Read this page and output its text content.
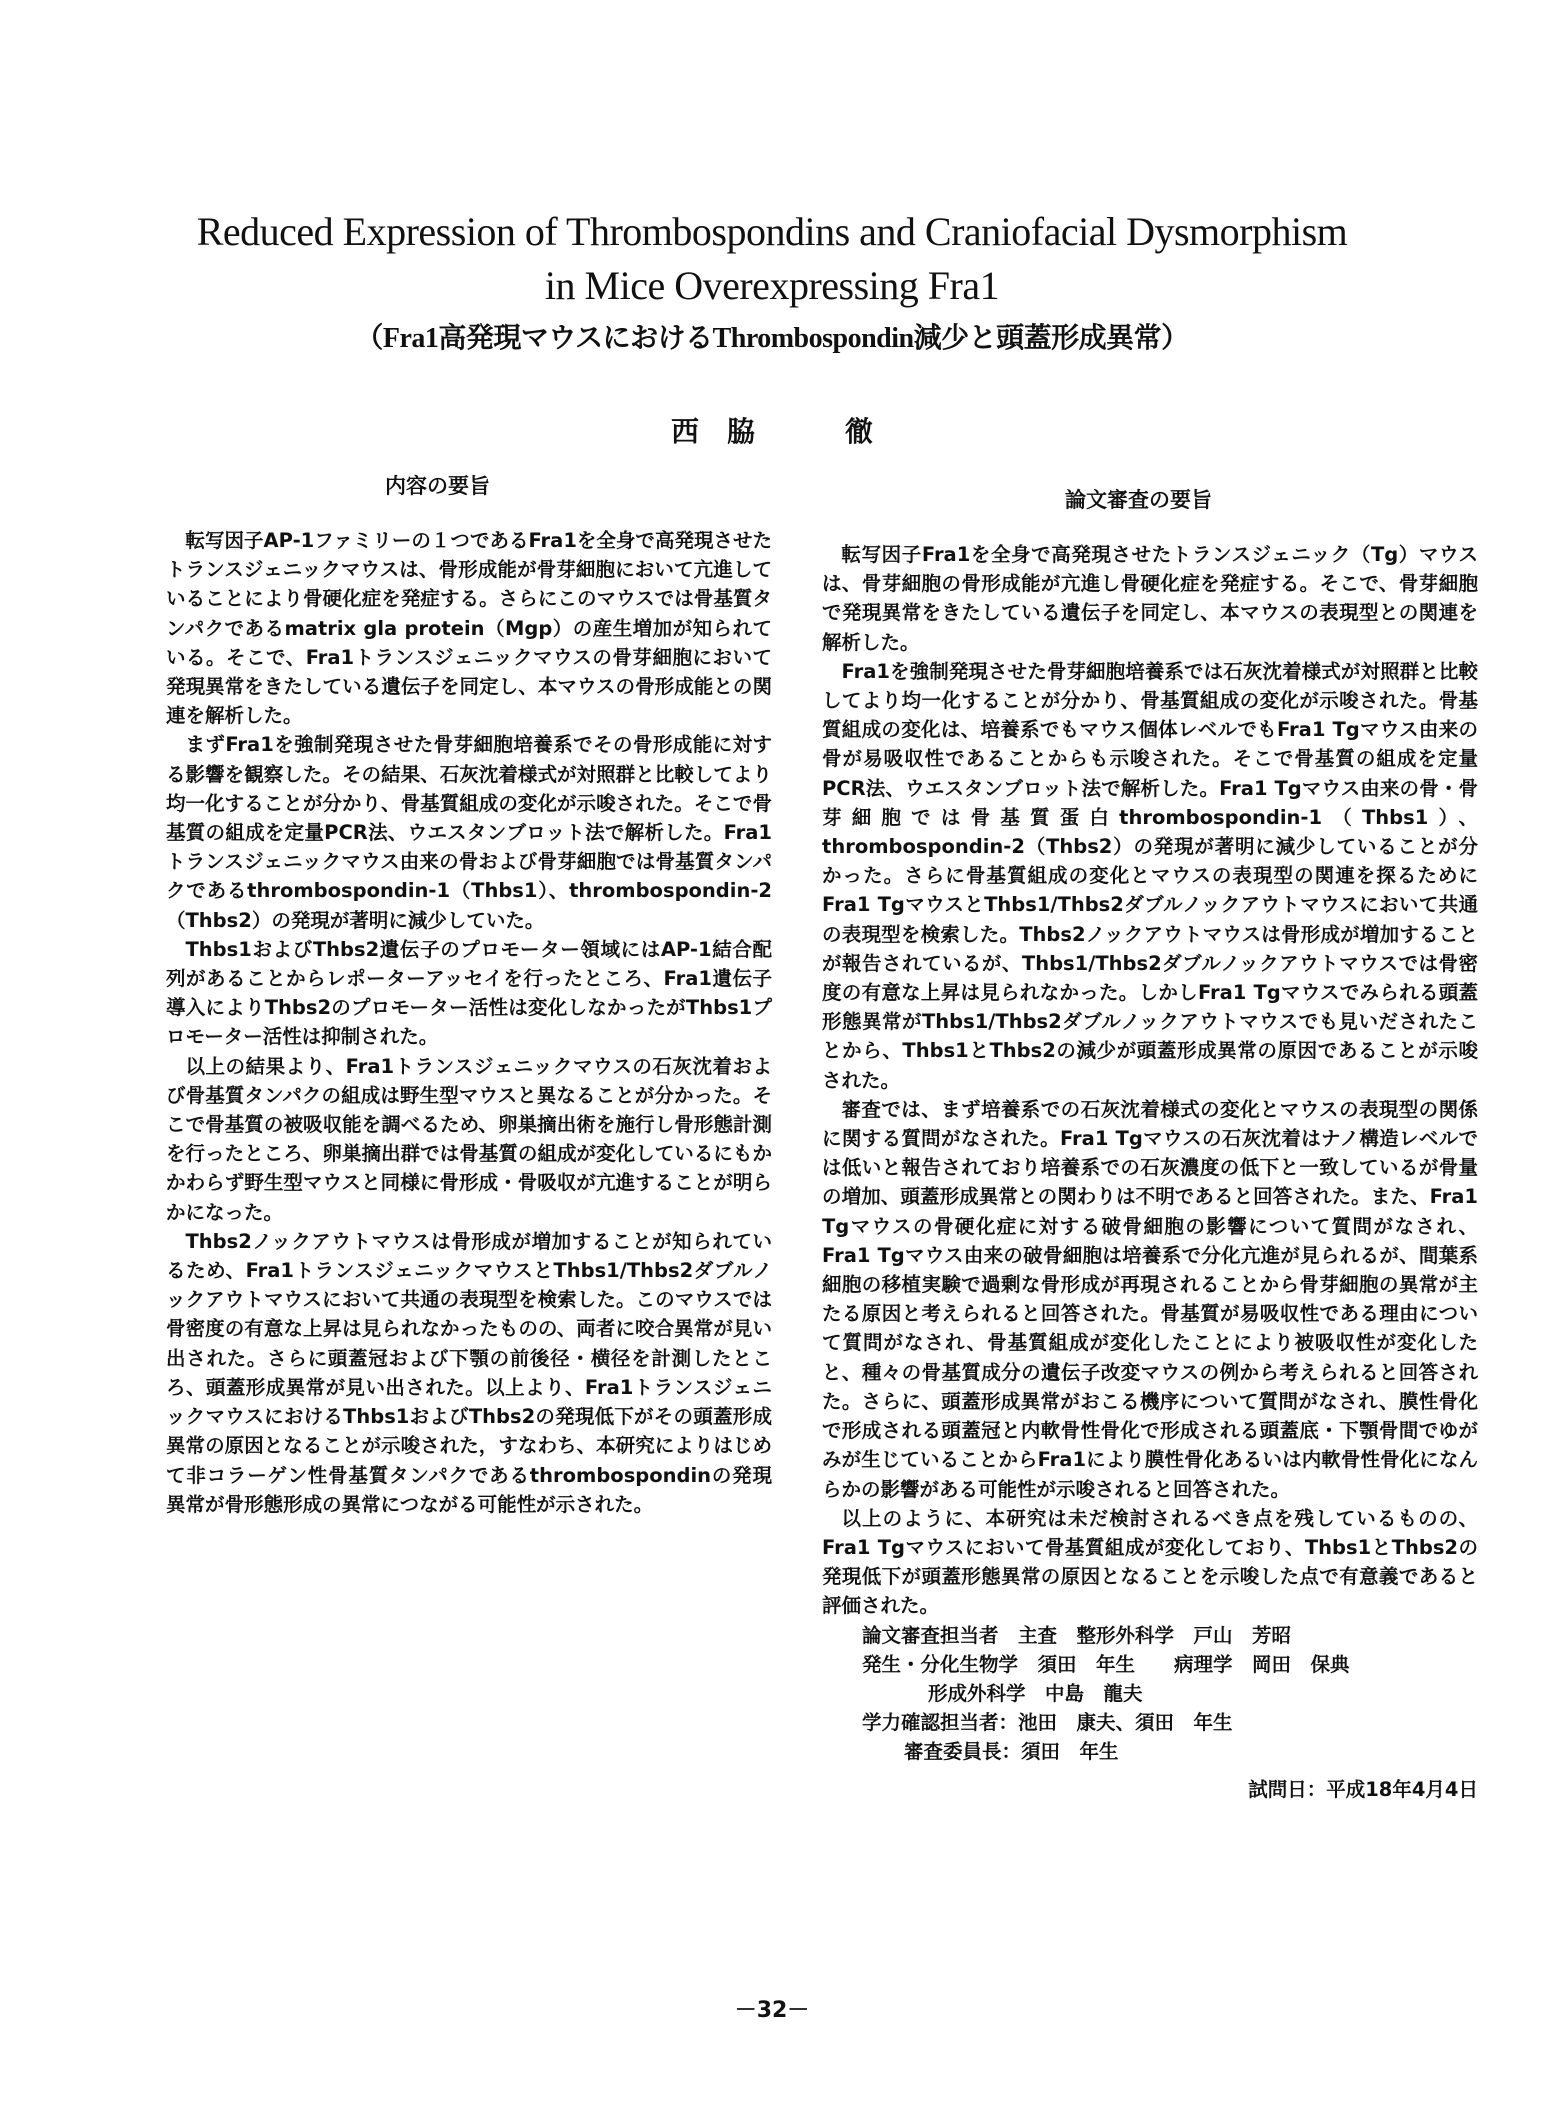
Reduced Expression of Thrombospondins and Craniofacial Dysmorphism
in Mice Overexpressing Fra1
（Fra1高発現マウスにおけるThrombospondin減少と頭蓋形成異常）
西　脇	徹
内容の要旨
論文審査の要旨

転写因子AP-1ファミリーの１つであるFra1を全身で高発現させたトランスジェニックマウスは、骨形成能が骨芽細胞において亢進していることにより骨硬化症を発症する。さらにこのマウスでは骨基質タンパクであるmatrix gla protein（Mgp）の産生増加が知られている。そこで、Fra1トランスジェニックマウスの骨芽細胞において発現異常をきたしている遺伝子を同定し、本マウスの骨形成能との関連を解析した。

まずFra1を強制発現させた骨芽細胞培養系でその骨形成能に対する影響を観察した。その結果、石灰沈着様式が対照群と比較してより均一化することが分かり、骨基質組成の変化が示唆された。そこで骨基質の組成を定量PCR法、ウエスタンブロット法で解析した。Fra1トランスジェニックマウス由来の骨および骨芽細胞では骨基質タンパクであるthrombospondin-1（Thbs1）、thrombospondin-2（Thbs2）の発現が著明に減少していた。

Thbs1およびThbs2遺伝子のプロモーター領域にはAP-1結合配列があることからレポーターアッセイを行ったところ、Fra1遺伝子導入によりThbs2のプロモーター活性は変化しなかったがThbs1プロモーター活性は抑制された。

以上の結果より、Fra1トランスジェニックマウスの石灰沈着および骨基質タンパクの組成は野生型マウスと異なることが分かった。そこで骨基質の被吸収能を調べるため、卵巣摘出術を施行し骨形態計測を行ったところ、卵巣摘出群では骨基質の組成が変化しているにもかかわらず野生型マウスと同様に骨形成・骨吸収が亢進することが明らかになった。

Thbs2ノックアウトマウスは骨形成が増加することが知られているため、Fra1トランスジェニックマウスとThbs1/Thbs2ダブルノックアウトマウスにおいて共通の表現型を検索した。このマウスでは骨密度の有意な上昇は見られなかったものの、両者に咬合異常が見い出された。さらに頭蓋冠および下顎の前後径・横径を計測したところ、頭蓋形成異常が見い出された。以上より、Fra1トランスジェニックマウスにおけるThbs1およびThbs2の発現低下がその頭蓋形成異常の原因となることが示唆された，すなわち、本研究によりはじめて非コラーゲン性骨基質タンパクであるthrombospondinの発現異常が骨形態形成の異常につながる可能性が示された。

転写因子Fra1を全身で高発現させたトランスジェニック（Tg）マウスは、骨芽細胞の骨形成能が亢進し骨硬化症を発症する。そこで、骨芽細胞で発現異常をきたしている遺伝子を同定し、本マウスの表現型との関連を解析した。

Fra1を強制発現させた骨芽細胞培養系では石灰沈着様式が対照群と比較してより均一化することが分かり、骨基質組成の変化が示唆された。骨基質組成の変化は、培養系でもマウス個体レベルでもFra1 Tgマウス由来の骨が易吸収性であることからも示唆された。そこで骨基質の組成を定量PCR法、ウエスタンブロット法で解析した。Fra1 Tgマウス由来の骨・骨芽細胞では骨基質蛋白thrombospondin-1（Thbs1）、thrombospondin-2（Thbs2）の発現が著明に減少していることが分かった。さらに骨基質組成の変化とマウスの表現型の関連を探るためにFra1 TgマウスとThbs1/Thbs2ダブルノックアウトマウスにおいて共通の表現型を検索した。Thbs2ノックアウトマウスは骨形成が増加することが報告されているが、Thbs1/Thbs2ダブルノックアウトマウスでは骨密度の有意な上昇は見られなかった。しかしFra1 Tgマウスでみられる頭蓋形態異常がThbs1/Thbs2ダブルノックアウトマウスでも見いだされたことから、Thbs1とThbs2の減少が頭蓋形成異常の原因であることが示唆された。

審査では、まず培養系での石灰沈着様式の変化とマウスの表現型の関係に関する質問がなされた。Fra1 Tgマウスの石灰沈着はナノ構造レベルでは低いと報告されており培養系での石灰濃度の低下と一致しているが骨量の増加、頭蓋形成異常との関わりは不明であると回答された。また、Fra1 Tgマウスの骨硬化症に対する破骨細胞の影響について質問がなされ、Fra1 Tgマウス由来の破骨細胞は培養系で分化亢進が見られるが、間葉系細胞の移植実験で過剰な骨形成が再現されることから骨芽細胞の異常が主たる原因と考えられると回答された。骨基質が易吸収性である理由について質問がなされ、骨基質組成が変化したことにより被吸収性が変化したと、種々の骨基質成分の遺伝子改変マウスの例から考えられると回答された。さらに、頭蓋形成異常がおこる機序について質問がなされ、膜性骨化で形成される頭蓋冠と内軟骨性骨化で形成される頭蓋底・下顎骨間でゆがみが生じていることからFra1により膜性骨化あるいは内軟骨性骨化になんらかの影響がある可能性が示唆されると回答された。

以上のように、本研究は未だ検討されるべき点を残しているものの、Fra1 Tgマウスにおいて骨基質組成が変化しており、Thbs1とThbs2の発現低下が頭蓋形態異常の原因となることを示唆した点で有意義であると評価された。

論文審査担当者　主査　整形外科学　戸山　芳昭
発生・分化生物学　須田　年生　　病理学　岡田　保典
形成外科学　中島　龍夫
学力確認担当者：池田　康夫、須田　年生
審査委員長：須田　年生
試問日：平成18年4月4日
－32－
